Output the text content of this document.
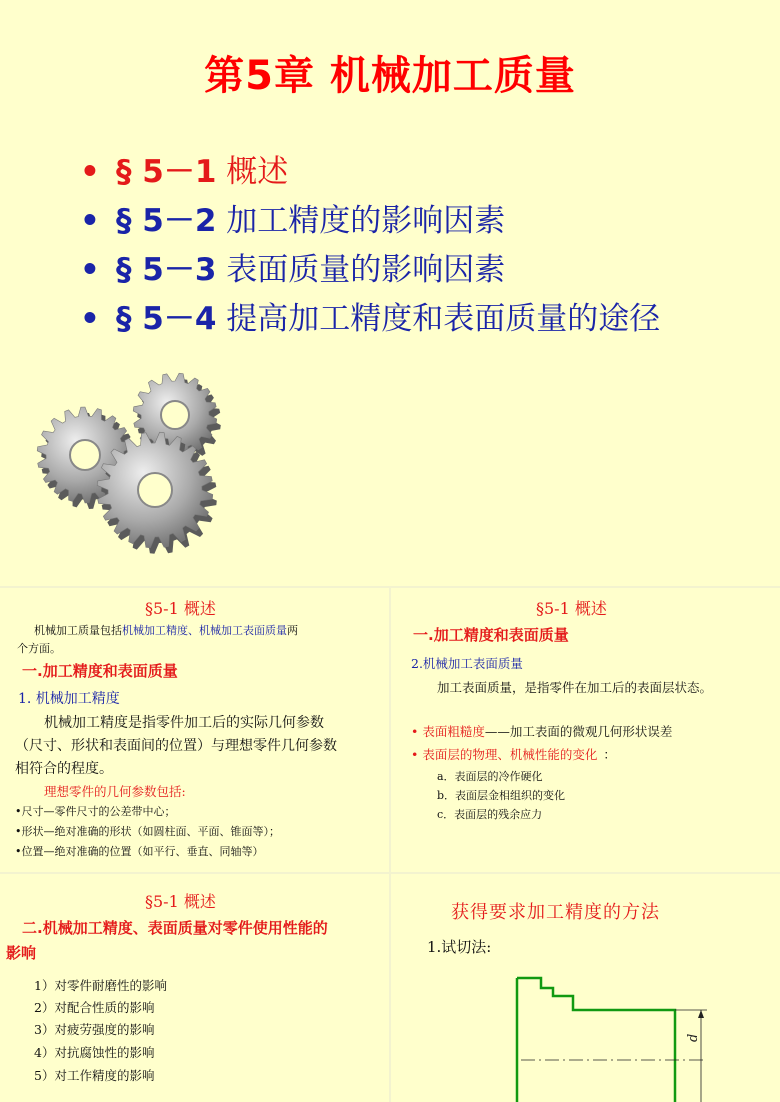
第5章 机械加工质量
• § 5－1 概述
• § 5－2 加工精度的影响因素
• § 5－3 表面质量的影响因素
• § 5－4 提高加工精度和表面质量的途径
§5-1 概述
机械加工质量包括机械加工精度、机械加工表面质量两
个方面。
一.加工精度和表面质量
1. 机械加工精度
机械加工精度是指零件加工后的实际几何参数
（尺寸、形状和表面间的位置）与理想零件几何参数
相符合的程度。
理想零件的几何参数包括:
•尺寸—零件尺寸的公差带中心；
•形状—绝对准确的形状（如圆柱面、平面、锥面等）；
•位置—绝对准确的位置（如平行、垂直、同轴等）
§5-1 概述
一.加工精度和表面质量
2.机械加工表面质量
加工表面质量，是指零件在加工后的表面层状态。
• 表面粗糙度——加工表面的微观几何形状误差
• 表面层的物理、机械性能的变化 ：
a．表面层的冷作硬化
b．表面层金相组织的变化
c．表面层的残余应力
§5-1 概述
二.机械加工精度、表面质量对零件使用性能的
影响
1）对零件耐磨性的影响
2）对配合性质的影响
3）对疲劳强度的影响
4）对抗腐蚀性的影响
5）对工作精度的影响
获得要求加工精度的方法
1.试切法:
d
